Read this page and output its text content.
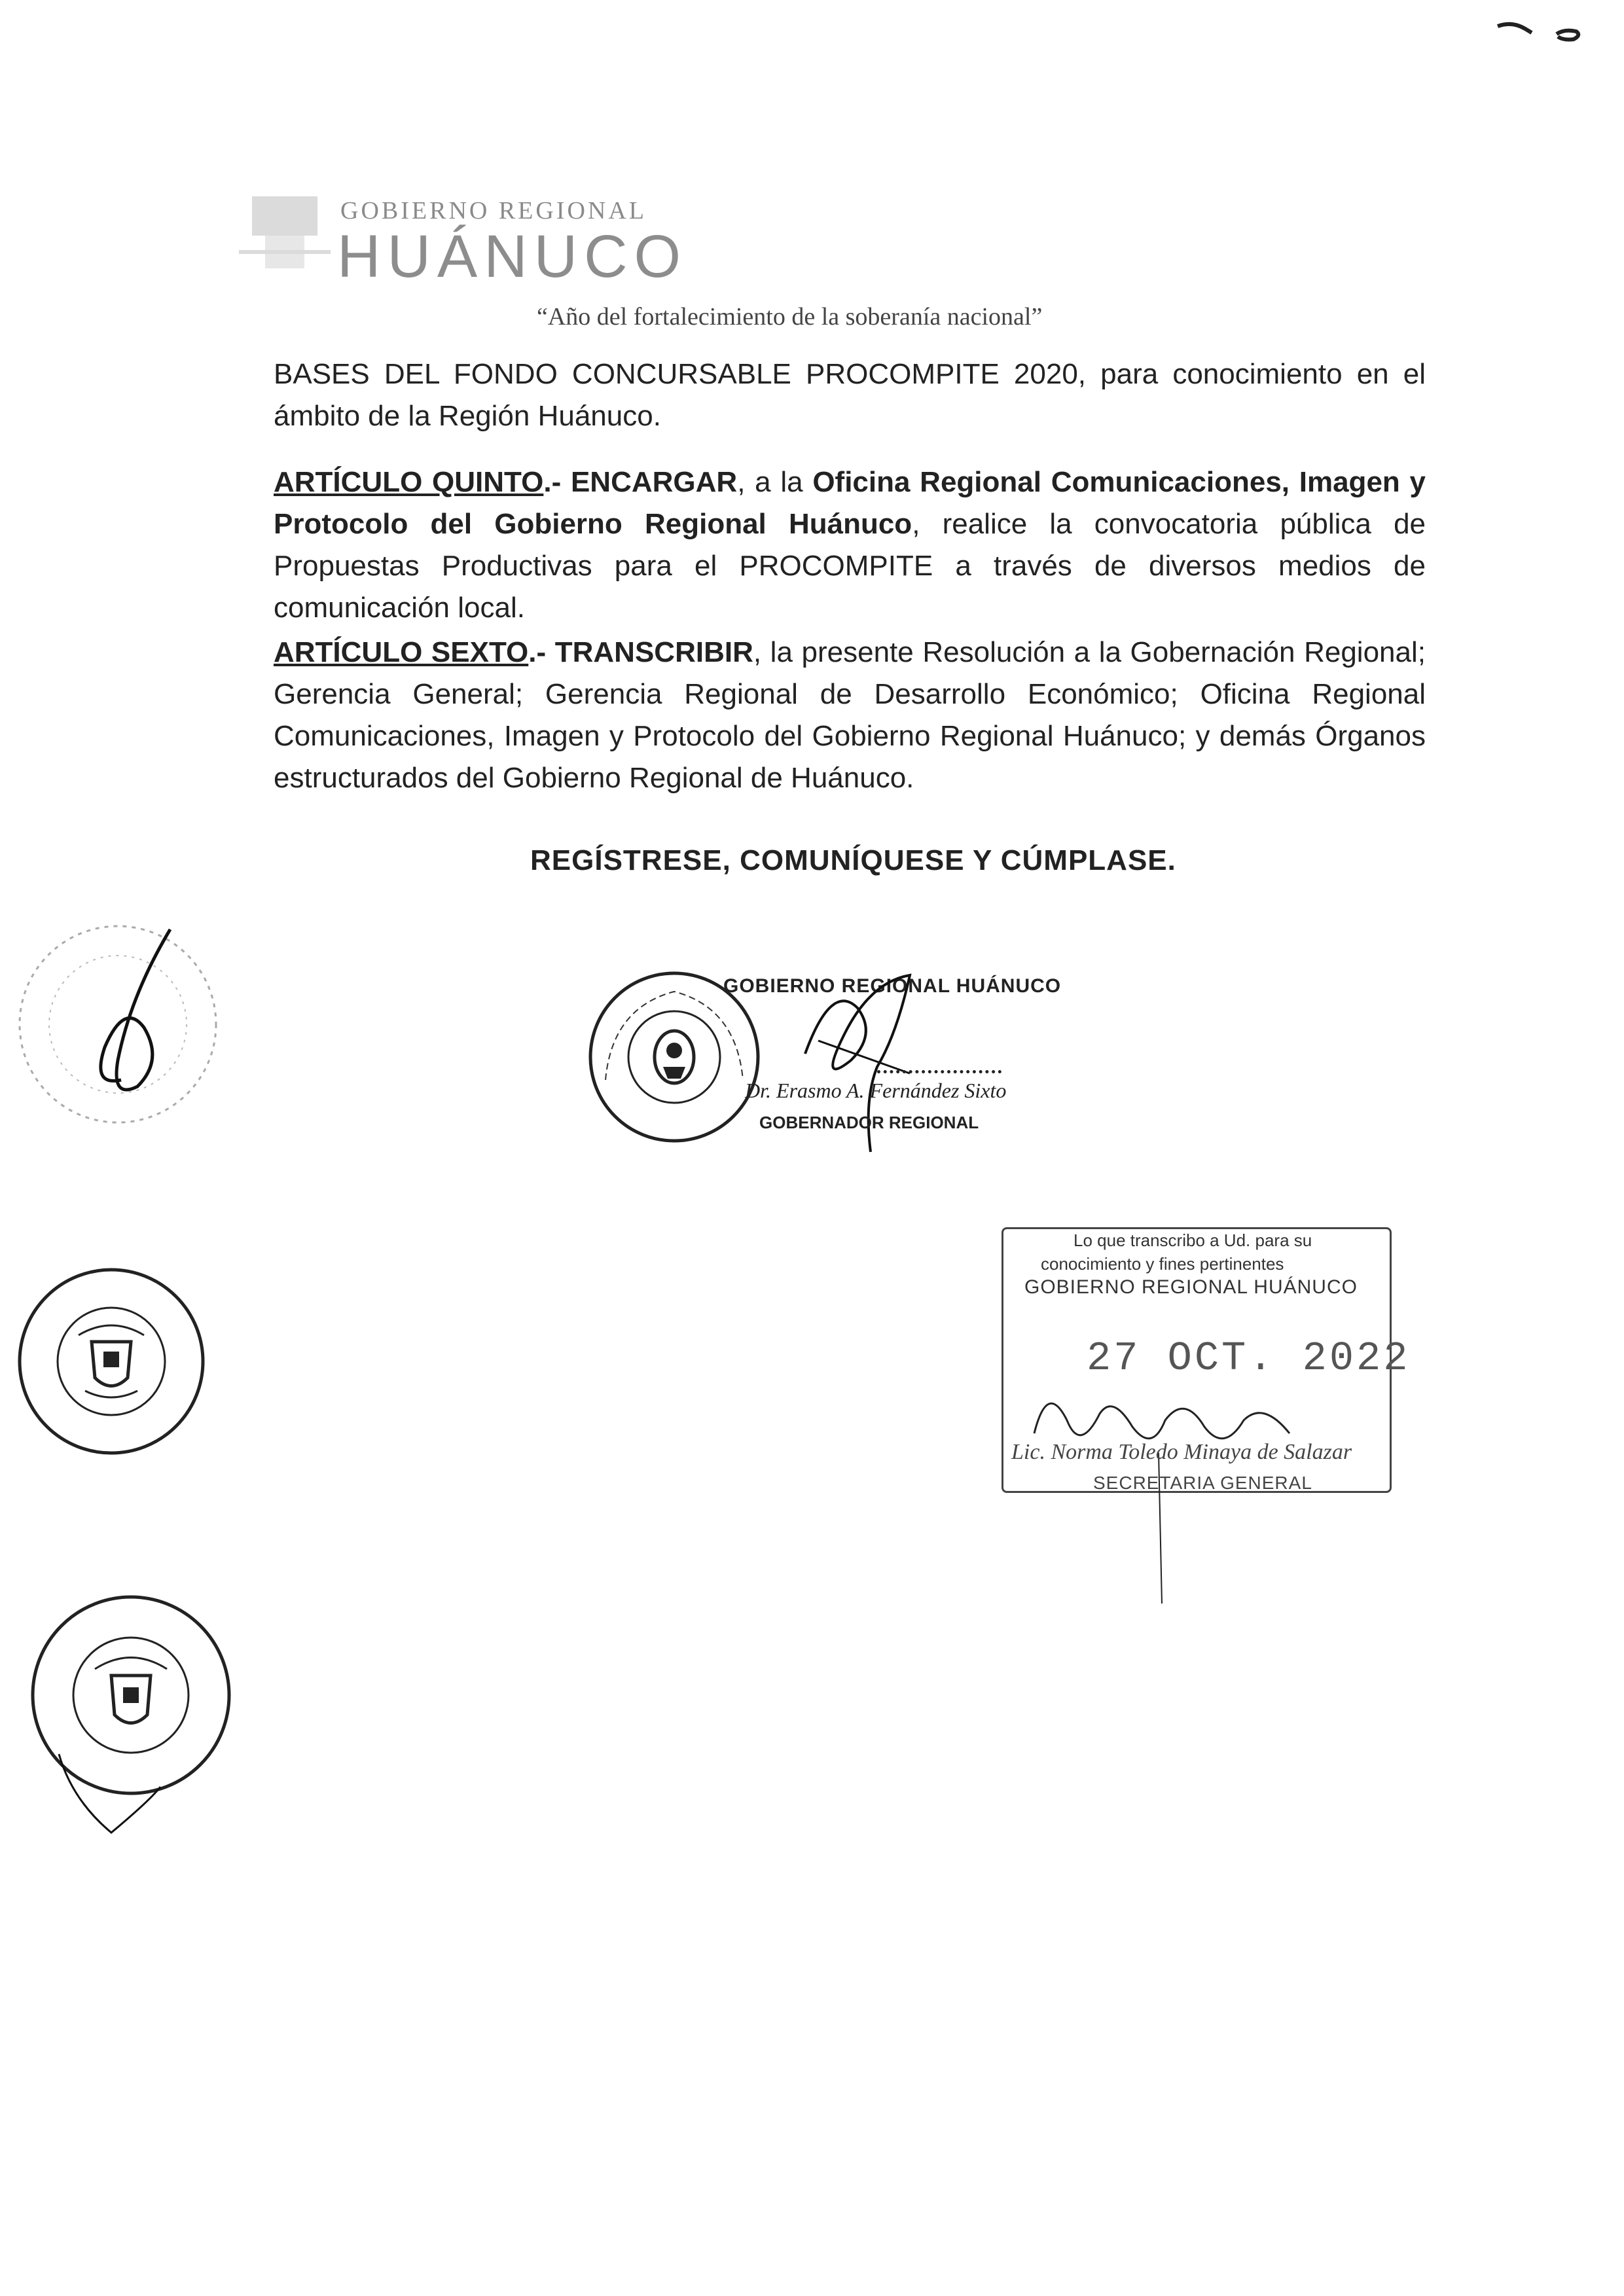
GOBIERNO REGIONAL
HUÁNUCO
“Año del fortalecimiento de la soberanía nacional”
BASES DEL FONDO CONCURSABLE PROCOMPITE 2020, para conocimiento en el ámbito de la Región Huánuco.
ARTÍCULO QUINTO.- ENCARGAR, a la Oficina Regional Comunicaciones, Imagen y Protocolo del Gobierno Regional Huánuco, realice la convocatoria pública de Propuestas Productivas para el PROCOMPITE a través de diversos medios de comunicación local.
ARTÍCULO SEXTO.- TRANSCRIBIR, la presente Resolución a la Gobernación Regional; Gerencia General; Gerencia Regional de Desarrollo Económico; Oficina Regional Comunicaciones, Imagen y Protocolo del Gobierno Regional Huánuco; y demás Órganos estructurados del Gobierno Regional de Huánuco.
REGÍSTRESE, COMUNÍQUESE Y CÚMPLASE.
GOBIERNO REGIONAL HUÁNUCO
Dr. Erasmo A. Fernández Sixto
GOBERNADOR REGIONAL
Lo que transcribo a Ud. para su
conocimiento y fines pertinentes
GOBIERNO REGIONAL HUÁNUCO
27 OCT. 2022
Lic. Norma Toledo Minaya de Salazar
SECRETARIA GENERAL
